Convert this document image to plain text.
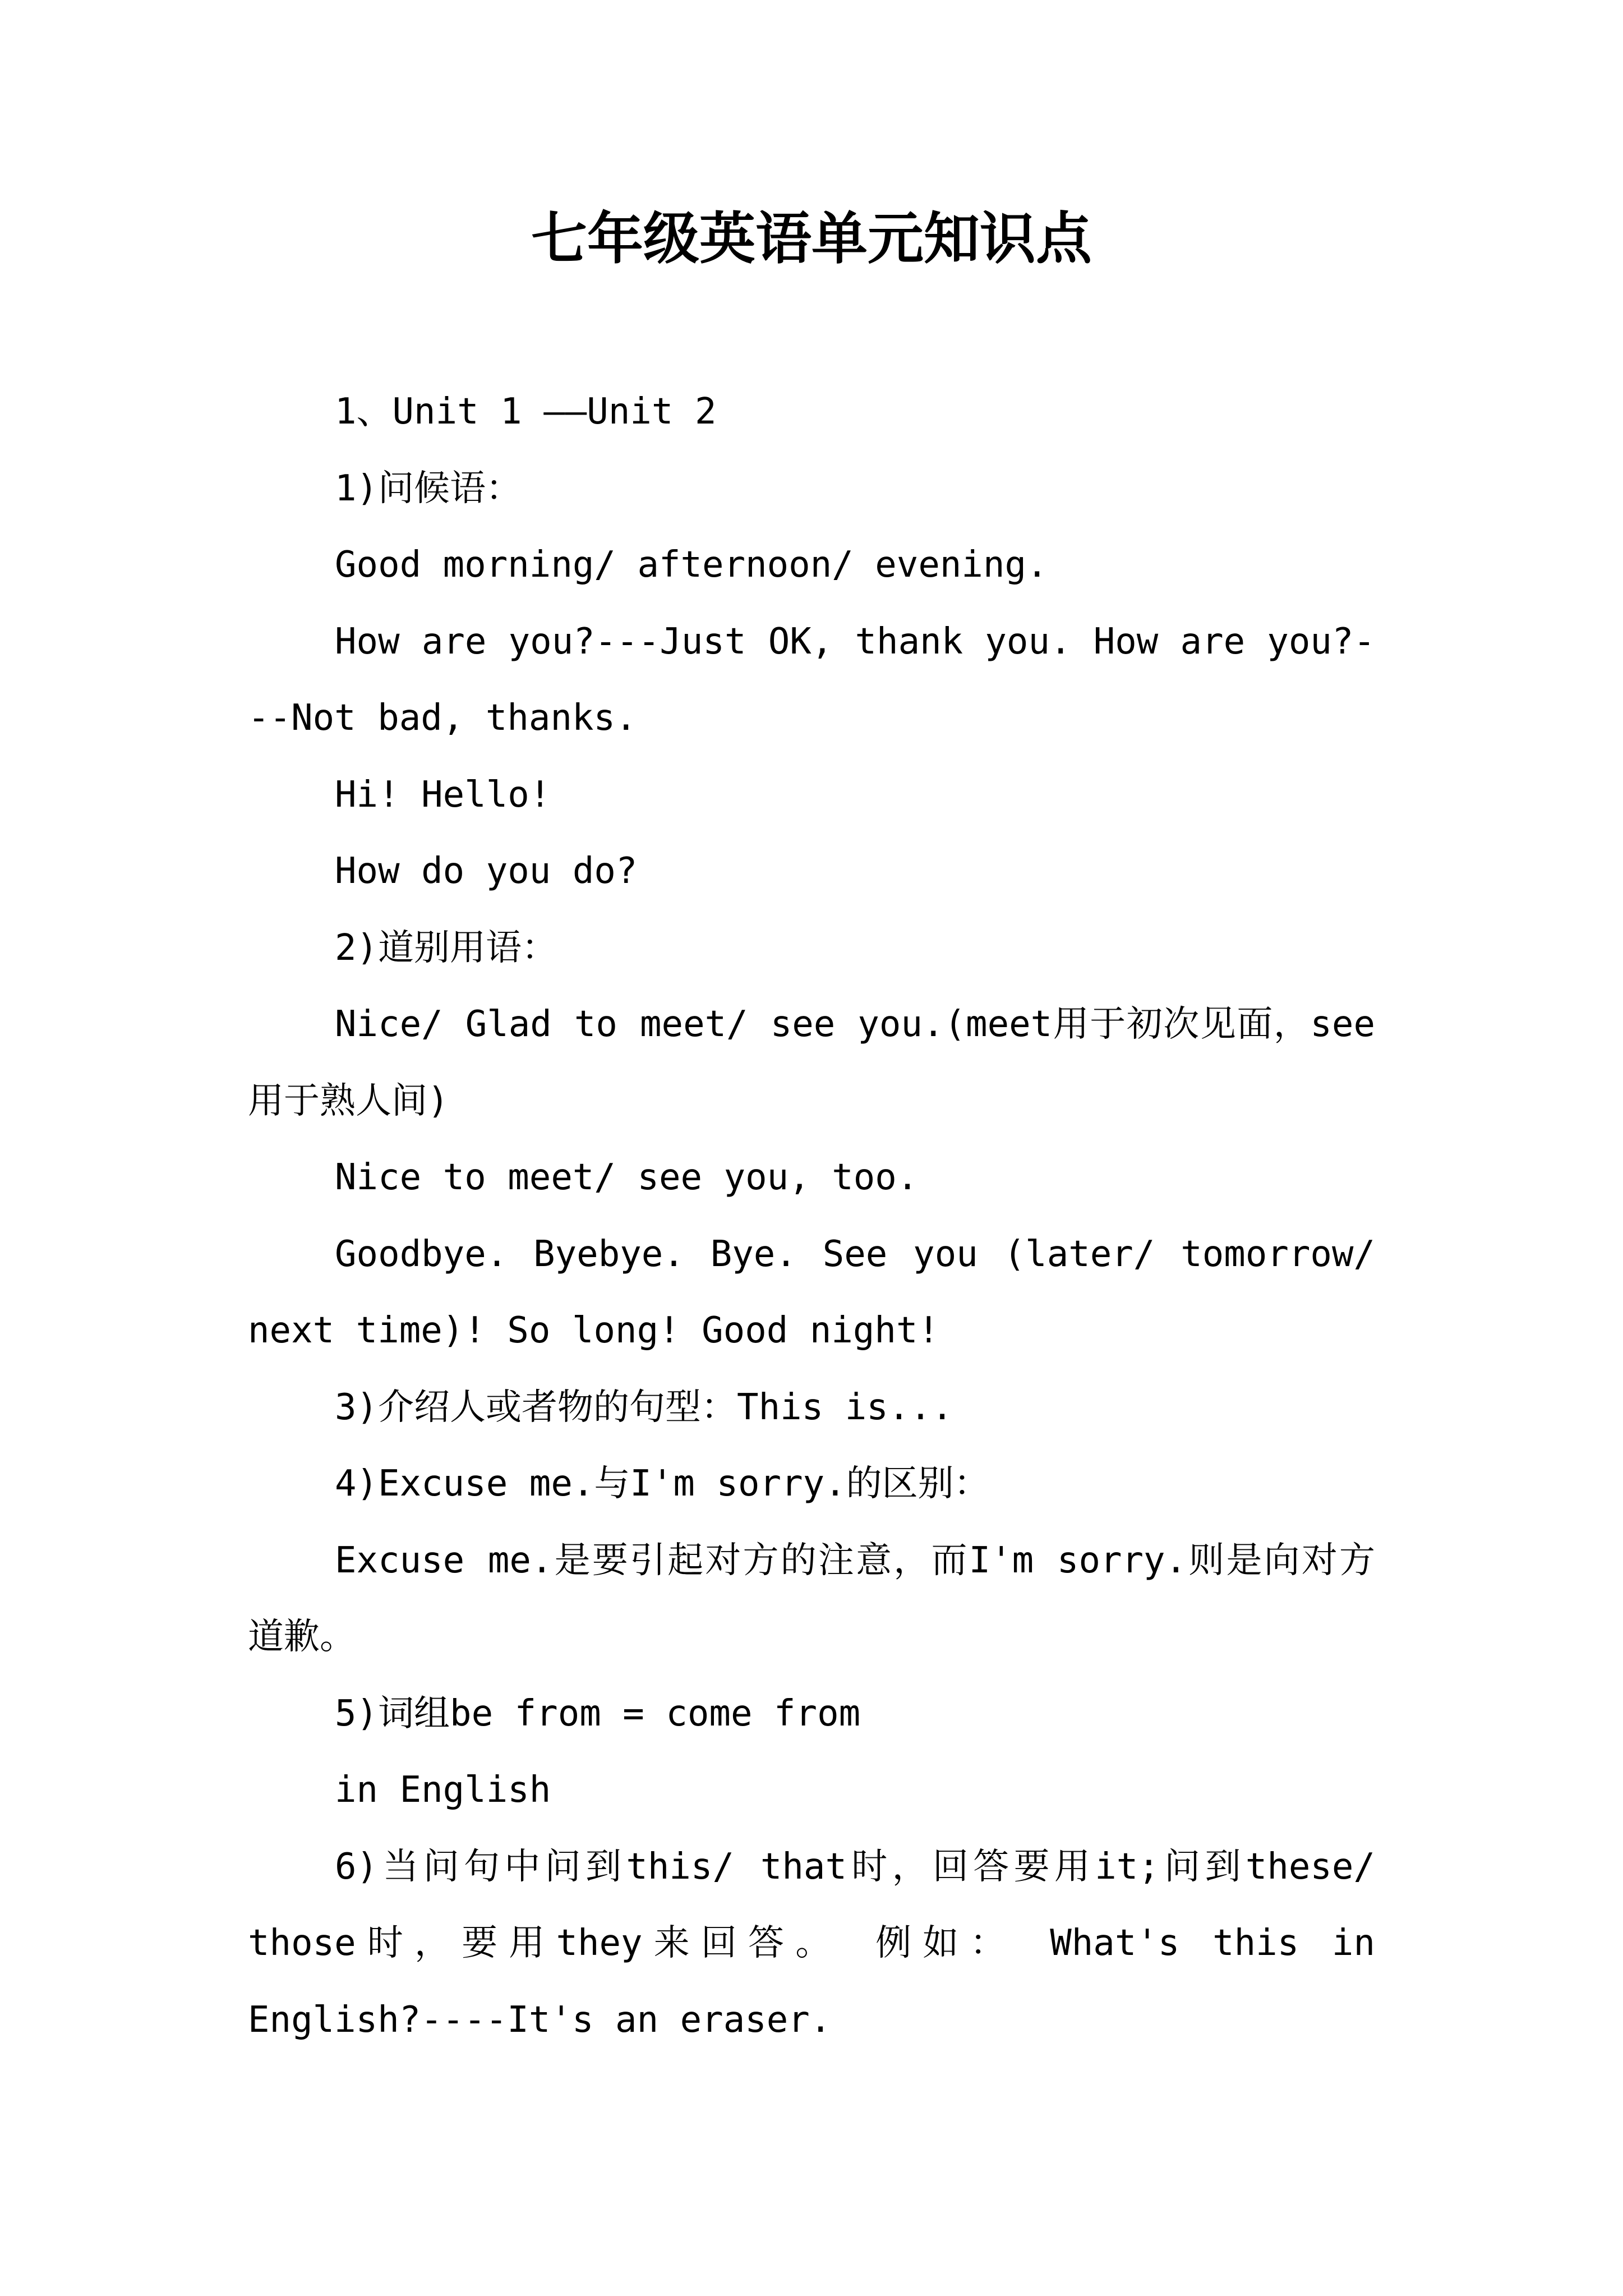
七年级英语单元知识点

1、Unit 1 ——Unit 2

1)问候语：

Good morning/ afternoon/ evening.

How are you?---Just OK, thank you. How are you?---Not bad, thanks.

Hi! Hello!

How do you do?

2)道别用语：

Nice/ Glad to meet/ see you.(meet用于初次见面，see用于熟人间)

Nice to meet/ see you, too.

Goodbye. Byebye. Bye. See you (later/ tomorrow/ next time)! So long! Good night!

3)介绍人或者物的句型：This is...

4)Excuse me.与I'm sorry.的区别：

Excuse me.是要引起对方的注意，而I'm sorry.则是向对方道歉。

5)词组be from = come from

in English

6)当问句中问到this/ that时，回答要用it;问到these/ those时，要用they来回答。 例如： What's this in English?----It's an eraser.
